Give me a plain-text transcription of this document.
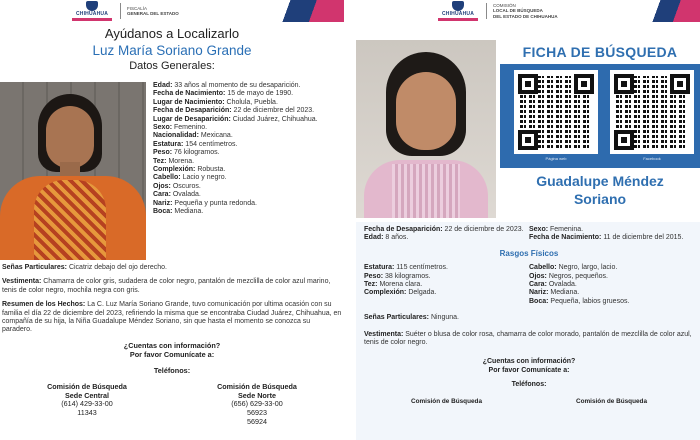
CHIHUAHUA
FISCALÍA
GENERAL DEL ESTADO
Ayúdanos a Localizarlo
Luz María Soriano Grande
Datos Generales:
Edad: 33 años al momento de su desaparición.
Fecha de Nacimiento: 15 de mayo de 1990.
Lugar de Nacimiento: Cholula, Puebla.
Fecha de Desaparición: 22 de diciembre del 2023.
Lugar de Desaparición: Ciudad Juárez, Chihuahua.
Sexo: Femenino.
Nacionalidad: Mexicana.
Estatura: 154 centímetros.
Peso: 76 kilogramos.
Tez: Morena.
Complexión: Robusta.
Cabello: Lacio y negro.
Ojos: Oscuros.
Cara: Ovalada.
Nariz: Pequeña y punta redonda.
Boca: Mediana.

Señas Particulares: Cicatriz debajo del ojo derecho.

Vestimenta: Chamarra de color gris, sudadera de color negro, pantalón de mezclilla de color azul marino, tenis de color negro, mochila negra con gris.

Resumen de los Hechos: La C. Luz María Soriano Grande, tuvo comunicación por ultima ocasión con su familia el día 22 de diciembre del 2023, refiriendo la misma que se encontraba Ciudad Juárez, Chihuahua, en compañía de su hija, la Niña Guadalupe Méndez Soriano, sin que hasta el momento se conozca su paradero.

¿Cuentas con información?
Por favor Comunícate a:
Teléfonos:
Comisión de Búsqueda
Sede Central
(614) 429-33-00
11343
Comisión de Búsqueda
Sede Norte
(656) 629-33-00
56923
56924
CHIHUAHUA
COMISIÓN
LOCAL DE BÚSQUEDA
DEL ESTADO DE CHIHUAHUA
FICHA DE BÚSQUEDA
Página web	Facebook
Guadalupe Méndez
Soriano
Fecha de Desaparición: 22 de diciembre de 2023. Sexo: Femenina.
Edad: 8 años.	Fecha de Nacimiento: 11 de diciembre del 2015.
Rasgos Físicos
Estatura: 115 centímetros.
Peso: 38 kilogramos.
Tez: Morena clara.
Complexión: Delgada.
Cabello: Negro, largo, lacio.
Ojos: Negros, pequeños.
Cara: Ovalada.
Nariz: Mediana.
Boca: Pequeña, labios gruesos.

Señas Particulares: Ninguna.

Vestimenta: Suéter o blusa de color rosa, chamarra de color morado, pantalón de mezclilla de color azul, tenis de color negro.

¿Cuentas con información?
Por favor Comunícate a:
Teléfonos:
Comisión de Búsqueda	Comisión de Búsqueda
